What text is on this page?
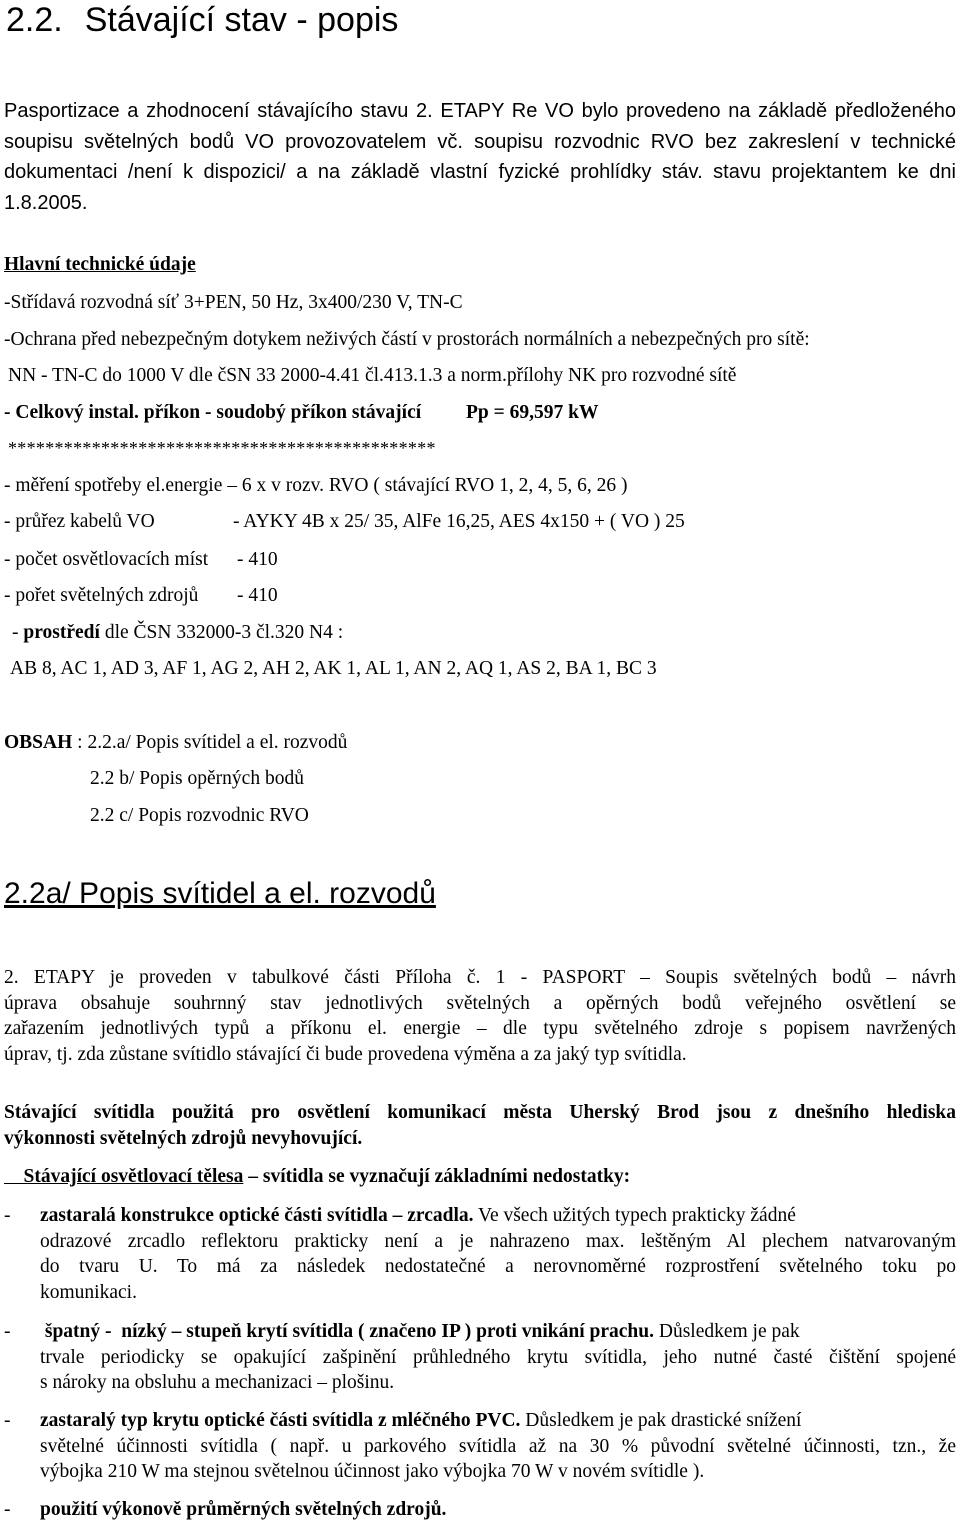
2.2. Stávající stav - popis
Pasportizace a zhodnocení stávajícího stavu 2. ETAPY Re VO bylo provedeno na základě předloženého
soupisu světelných bodů VO provozovatelem vč. soupisu rozvodnic RVO bez zakreslení v technické
dokumentaci /není k dispozici/ a na základě vlastní fyzické prohlídky stáv. stavu projektantem ke dni
1.8.2005.
Hlavní technické údaje
-Střídavá rozvodná síť 3+PEN, 50 Hz, 3x400/230 V, TN-C
-Ochrana před nebezpečným dotykem neživých částí v prostorách normálních a nebezpečných pro sítě:
NN - TN-C do 1000 V dle čSN 33 2000-4.41 čl.413.1.3 a norm.přílohy NK pro rozvodné sítě
- Celkový instal. příkon - soudobý příkon stávající Pp = 69,597 kW
**********************************************
- měření spotřeby el.energie – 6 x v rozv. RVO ( stávající RVO 1, 2, 4, 5, 6, 26 )
- průřez kabelů VO	- AYKY 4B x 25/ 35, AlFe 16,25, AES 4x150 + ( VO ) 25
- počet osvětlovacích míst - 410
- pořet světelných zdrojů - 410
- prostředí dle ČSN 332000-3 čl.320 N4 :
AB 8, AC 1, AD 3, AF 1, AG 2, AH 2, AK 1, AL 1, AN 2, AQ 1, AS 2, BA 1, BC 3
OBSAH : 2.2.a/ Popis svítidel a el. rozvodů
2.2 b/ Popis opěrných bodů
2.2 c/ Popis rozvodnic RVO
2.2a/ Popis svítidel a el. rozvodů
2. ETAPY je proveden v tabulkové části Příloha č. 1 - PASPORT – Soupis světelných bodů – návrh
úprava obsahuje souhrnný stav jednotlivých světelných a opěrných bodů veřejného osvětlení se
zařazením jednotlivých typů a příkonu el. energie – dle typu světelného zdroje s popisem navržených
úprav, tj. zda zůstane svítidlo stávající či bude provedena výměna a za jaký typ svítidla.
Stávající svítidla použitá pro osvětlení komunikací města Uherský Brod jsou z dnešního hlediska
výkonnosti světelných zdrojů nevyhovující.
Stávající osvětlovací tělesa – svítidla se vyznačují základními nedostatky:
- zastaralá konstrukce optické části svítidla – zrcadla. Ve všech užitých typech prakticky žádné
odrazové zrcadlo reflektoru prakticky není a je nahrazeno max. leštěným Al plechem natvarovaným
do tvaru U. To má za následek nedostatečné a nerovnoměrné rozprostření světelného toku po
komunikaci.
- špatný -  nízký – stupeň krytí svítidla ( značeno IP ) proti vnikání prachu. Důsledkem je pak
trvale periodicky se opakující zašpinění průhledného krytu svítidla, jeho nutné časté čištění spojené
s nároky na obsluhu a mechanizaci – plošinu.
- zastaralý typ krytu optické části svítidla z mléčného PVC. Důsledkem je pak drastické snížení
světelné účinnosti svítidla ( např. u parkového svítidla až na 30 % původní světelné účinnosti, tzn., že
výbojka 210 W ma stejnou světelnou účinnost jako výbojka 70 W v novém svítidle ).
- použití výkonově průměrných světelných zdrojů.
